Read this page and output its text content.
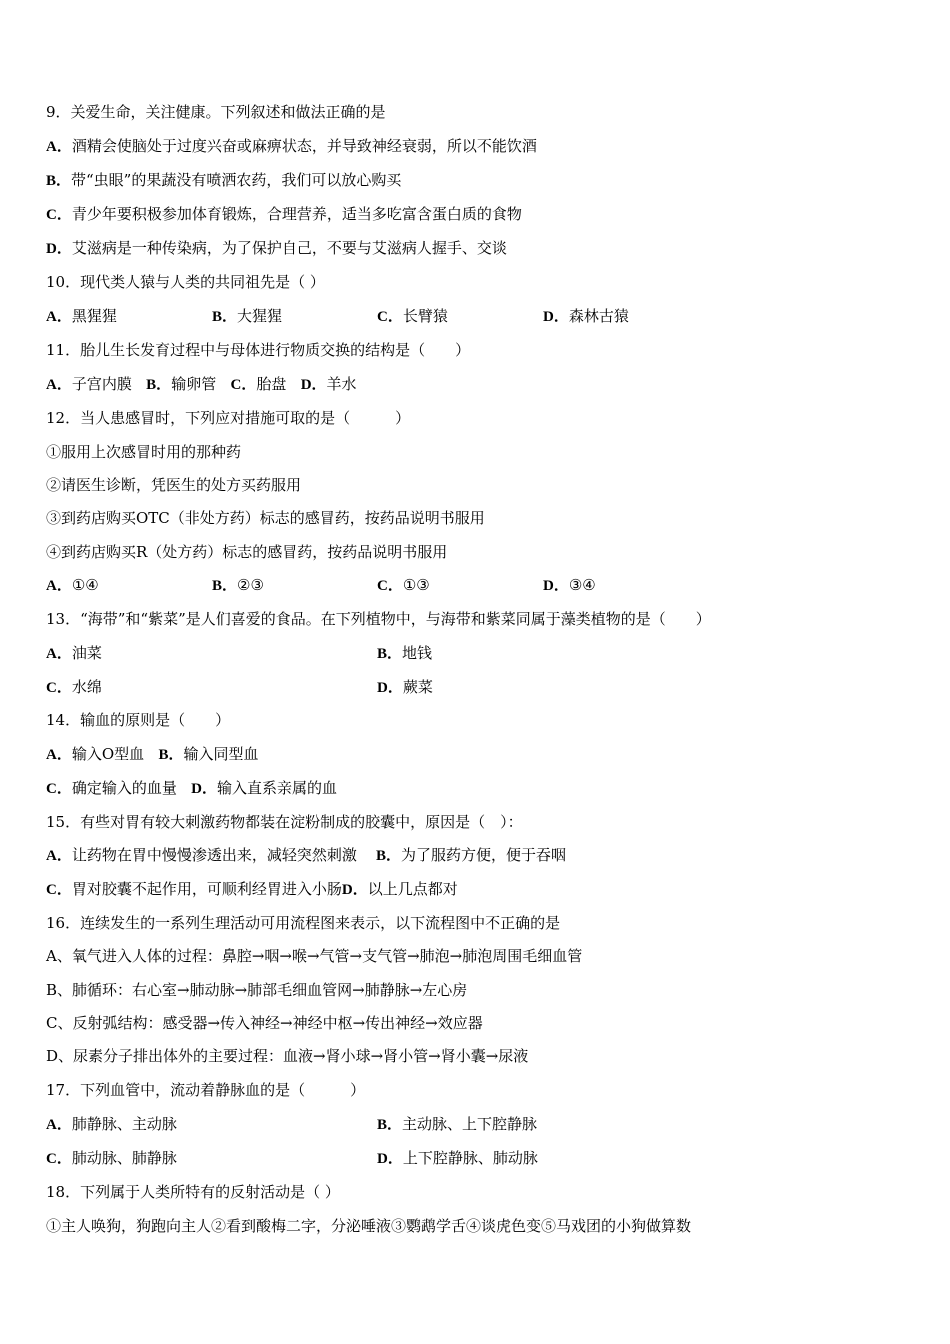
9．关爱生命，关注健康。下列叙述和做法正确的是
A．酒精会使脑处于过度兴奋或麻痹状态，并导致神经衰弱，所以不能饮酒
B．带“虫眼”的果蔬没有喷洒农药，我们可以放心购买
C．青少年要积极参加体育锻炼，合理营养，适当多吃富含蛋白质的食物
D．艾滋病是一种传染病，为了保护自己，不要与艾滋病人握手、交谈
10．现代类人猿与人类的共同祖先是（ ）
A．黑猩猩	B．大猩猩	C．长臂猿	D．森林古猿
11．胎儿生长发育过程中与母体进行物质交换的结构是（　　）
A．子宫内膜 B．输卵管 C．胎盘 D．羊水
12．当人患感冒时，下列应对措施可取的是（　　　）
①服用上次感冒时用的那种药
②请医生诊断，凭医生的处方买药服用
③到药店购买OTC（非处方药）标志的感冒药，按药品说明书服用
④到药店购买R（处方药）标志的感冒药，按药品说明书服用
A．①④	B．②③	C．①③	D．③④
13．“海带”和“紫菜”是人们喜爱的食品。在下列植物中，与海带和紫菜同属于藻类植物的是（　　）
A．油菜	B．地钱
C．水绵	D．蕨菜
14．输血的原则是（　　）
A．输入O型血 B．输入同型血
C．确定输入的血量 D．输入直系亲属的血
15．有些对胃有较大刺激药物都装在淀粉制成的胶囊中，原因是（　）：
A．让药物在胃中慢慢渗透出来，减轻突然刺激 B．为了服药方便，便于吞咽
C．胃对胶囊不起作用，可顺利经胃进入小肠D．以上几点都对
16．连续发生的一系列生理活动可用流程图来表示，以下流程图中不正确的是
A、氧气进入人体的过程：鼻腔→咽→喉→气管→支气管→肺泡→肺泡周围毛细血管
B、肺循环：右心室→肺动脉→肺部毛细血管网→肺静脉→左心房
C、反射弧结构：感受器→传入神经→神经中枢→传出神经→效应器
D、尿素分子排出体外的主要过程：血液→肾小球→肾小管→肾小囊→尿液
17．下列血管中，流动着静脉血的是（　　　）
A．肺静脉、主动脉	B．主动脉、上下腔静脉
C．肺动脉、肺静脉	D．上下腔静脉、肺动脉
18．下列属于人类所特有的反射活动是（ ）
①主人唤狗，狗跑向主人②看到酸梅二字，分泌唾液③鹦鹉学舌④谈虎色变⑤马戏团的小狗做算数
